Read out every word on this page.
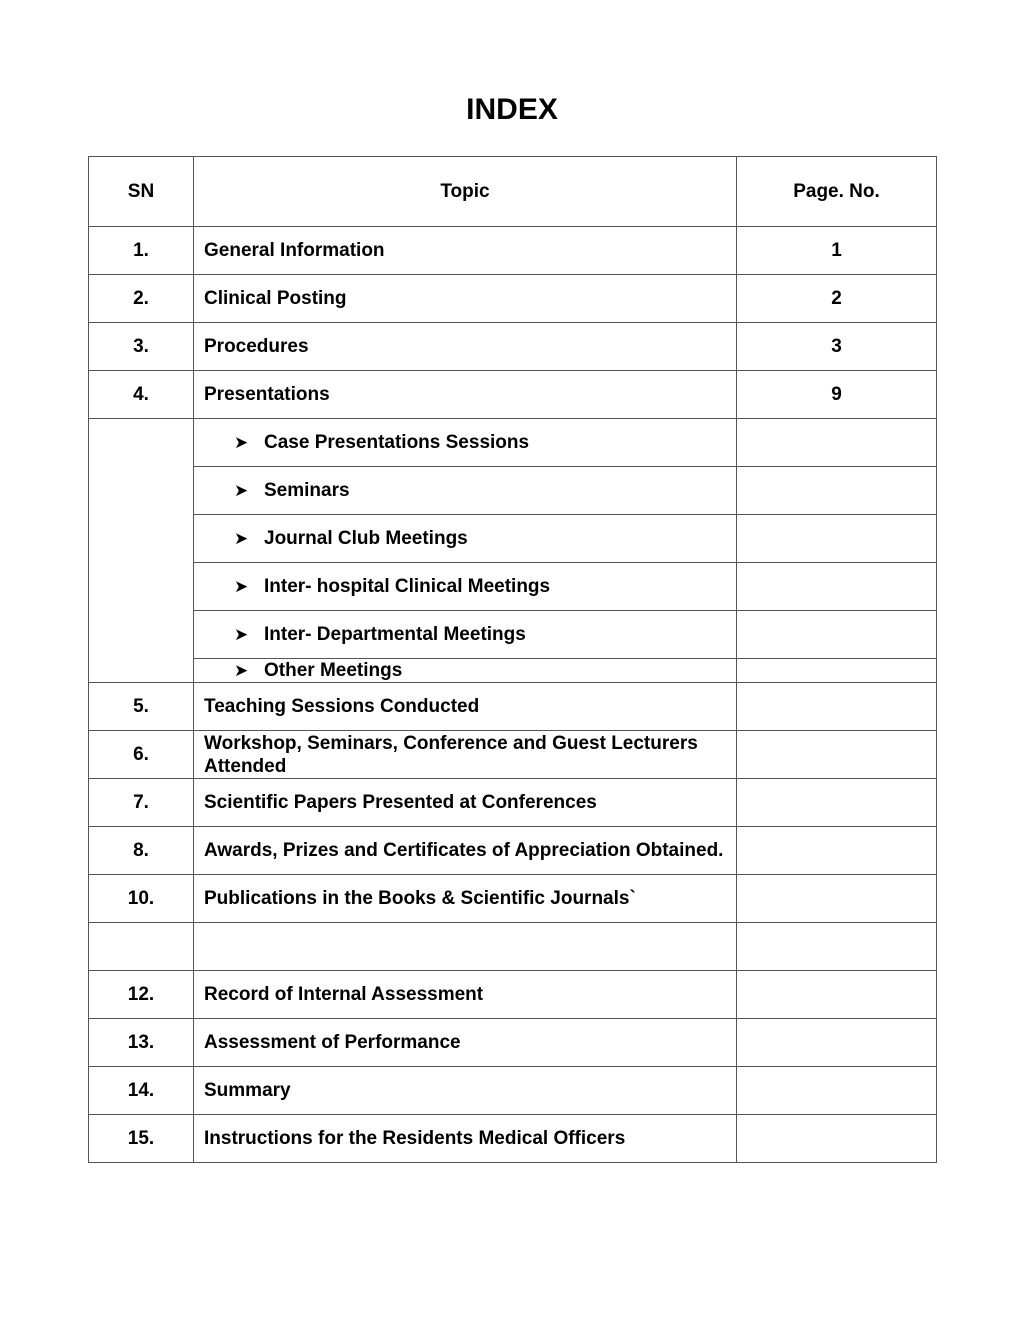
INDEX
SN	Topic	Page. No.
1.	General Information	1
2.	Clinical Posting	2
3.	Procedures	3
4.	Presentations	9
	➤ Case Presentations Sessions	
	➤ Seminars	
	➤ Journal Club Meetings	
	➤ Inter- hospital Clinical Meetings	
	➤ Inter- Departmental Meetings	
	➤ Other Meetings	
5.	Teaching Sessions Conducted	
6.	Workshop, Seminars, Conference and Guest Lecturers Attended	
7.	Scientific Papers Presented at Conferences	
8.	Awards, Prizes and Certificates of Appreciation Obtained.	
10.	Publications in the Books & Scientific Journals`	

12.	Record of Internal Assessment	
13.	Assessment of Performance	
14.	Summary	
15.	Instructions for the Residents Medical Officers	
